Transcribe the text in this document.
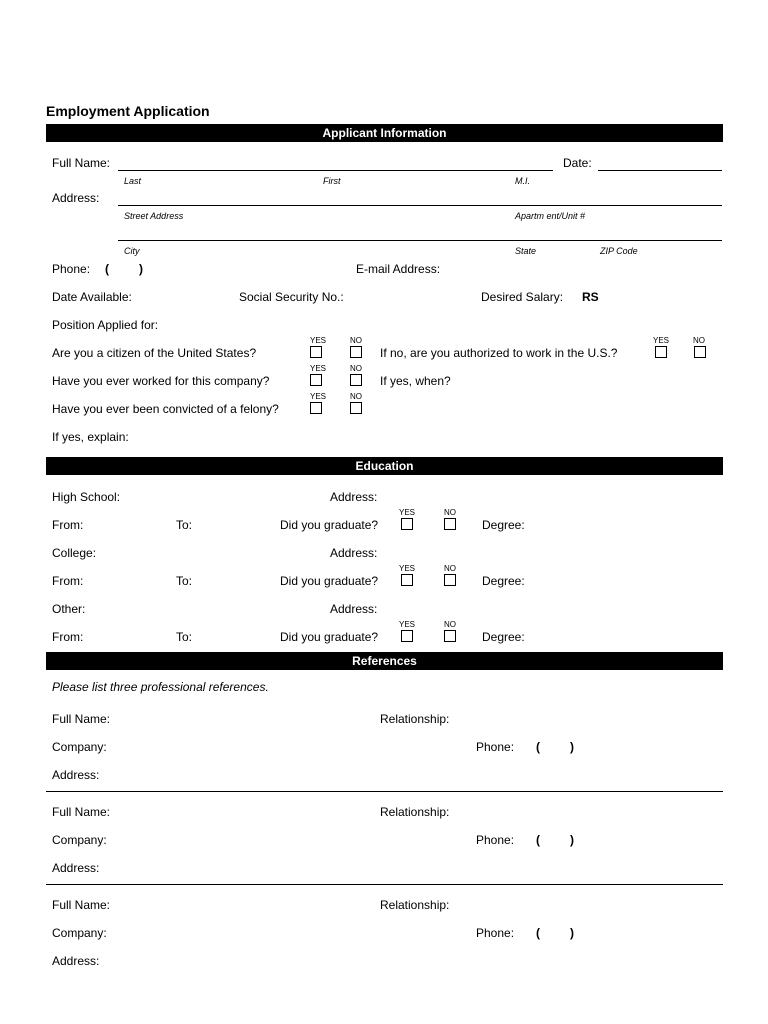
Employment Application
Applicant Information
Full Name:	Date:
Last	First	M.I.
Address:
Street Address	Apartm ent/Unit #
City	State	ZIP Code
Phone: (	)	E-mail Address:
Date Available:	Social Security No.:	Desired Salary: RS
Position Applied for:
Are you a citizen of the United States?
YES	NO
If no, are you authorized to work in the U.S.?
YES	NO
Have you ever worked for this company?
YES	NO
If yes, when?
Have you ever been convicted of a felony?
YES	NO
If yes, explain:
Education
High School:	Address:
From:	To:	Did you graduate?
YES	NO
Degree:
College:	Address:
From:	To:	Did you graduate?
YES	NO
Degree:
Other:	Address:
From:	To:	Did you graduate?
YES	NO
Degree:
References
Please list three professional references.
Full Name:	Relationship:
Company:	Phone: (	)
Address:
Full Name:	Relationship:
Company:	Phone: (	)
Address:
Full Name:	Relationship:
Company:	Phone: (	)
Address:
